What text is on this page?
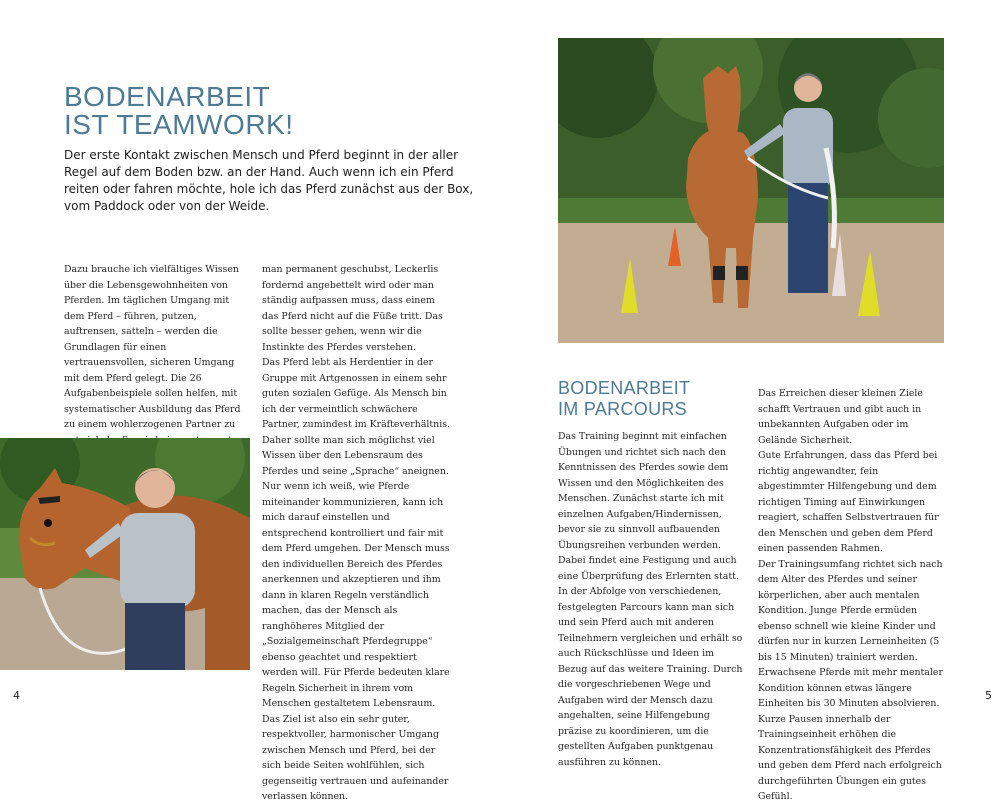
BODENARBEIT
IST TEAMWORK!

Der erste Kontakt zwischen Mensch und Pferd beginnt in der aller Regel auf dem Boden bzw. an der Hand. Auch wenn ich ein Pferd reiten oder fahren möchte, hole ich das Pferd zunächst aus der Box, vom Paddock oder von der Weide.

Dazu brauche ich vielfältiges Wissen über die Lebensgewohnheiten von Pferden. Im täglichen Umgang mit dem Pferd – führen, putzen, auftrensen, satteln – werden die Grundlagen für einen vertrauensvollen, sicheren Umgang mit dem Pferd gelegt. Die 26 Aufgabenbeispiele sollen helfen, mit systematischer Ausbildung das Pferd zu einem wohlerzogenen Partner zu

man permanent geschubst, Leckerlis fordernd angebettelt wird oder man ständig aufpassen muss, dass einem das Pferd nicht auf die Füße tritt. Das sollte besser gehen, wenn wir die Instinkte des Pferdes verstehen.

Das Pferd lebt als Herdentier in der Gruppe mit Artgenossen in einem sehr guten sozialen Gefüge. Als Mensch bin ich der vermeintlich schwächere Partner, zumindest im Kräfteverhältnis. Daher sollte man sich möglichst viel Wissen über den Lebensraum des Pferdes und seine „Sprache“ aneignen.

Nur wenn ich weiß, wie Pferde miteinander kommunizieren, kann ich mich darauf einstellen und entsprechend kontrolliert und fair mit dem Pferd umgehen. Der Mensch muss den individuellen Bereich des Pferdes anerkennen und akzeptieren und ihm dann in klaren Regeln verständlich machen, das der Mensch als ranghöheres Mitglied der „Sozialgemeinschaft Pferdegruppe“ ebenso geachtet und respektiert werden will. Für Pferde bedeuten klare Regeln Sicherheit in ihrem vom Menschen gestaltetem Lebensraum. Das Ziel ist also ein sehr guter, respektvoller, harmonischer Umgang zwischen Mensch und Pferd, bei der sich beide Seiten wohlfühlen, sich gegenseitig vertrauen und aufeinander verlassen können.

4
BODENARBEIT
IM PARCOURS

Das Training beginnt mit einfachen Übungen und richtet sich nach den Kenntnissen des Pferdes sowie dem Wissen und den Möglichkeiten des Menschen. Zunächst starte ich mit einzelnen Aufgaben/Hindernissen, bevor sie zu sinnvoll aufbauenden Übungsreihen verbunden werden. Dabei findet eine Festigung und auch eine Überprüfung des Erlernten statt.

In der Abfolge von verschiedenen, festgelegten Parcours kann man sich und sein Pferd auch mit anderen Teilnehmern vergleichen und erhält so auch Rückschlüsse und Ideen im Bezug auf das weitere Training. Durch die vorgeschriebenen Wege und Aufgaben wird der Mensch dazu angehalten, seine Hilfengebung präzise zu koordinieren, um die gestellten Aufgaben punktgenau ausführen zu können.

Das Erreichen dieser kleinen Ziele schafft Vertrauen und gibt auch in unbekannten Aufgaben oder im Gelände Sicherheit.

Gute Erfahrungen, dass das Pferd bei richtig angewandter, fein abgestimmter Hilfengebung und dem richtigen Timing auf Einwirkungen reagiert, schaffen Selbstvertrauen für den Menschen und geben dem Pferd einen passenden Rahmen.

Der Trainingsumfang richtet sich nach dem Alter des Pferdes und seiner körperlichen, aber auch mentalen Kondition. Junge Pferde ermüden ebenso schnell wie kleine Kinder und dürfen nur in kurzen Lerneinheiten (5 bis 15 Minuten) trainiert werden. Erwachsene Pferde mit mehr mentaler Kondition können etwas längere Einheiten bis 30 Minuten absolvieren. Kurze Pausen innerhalb der Trainingseinheit erhöhen die Konzentrationsfähigkeit des Pferdes und geben dem Pferd nach erfolgreich durchgeführten Übungen ein gutes Gefühl.

5
